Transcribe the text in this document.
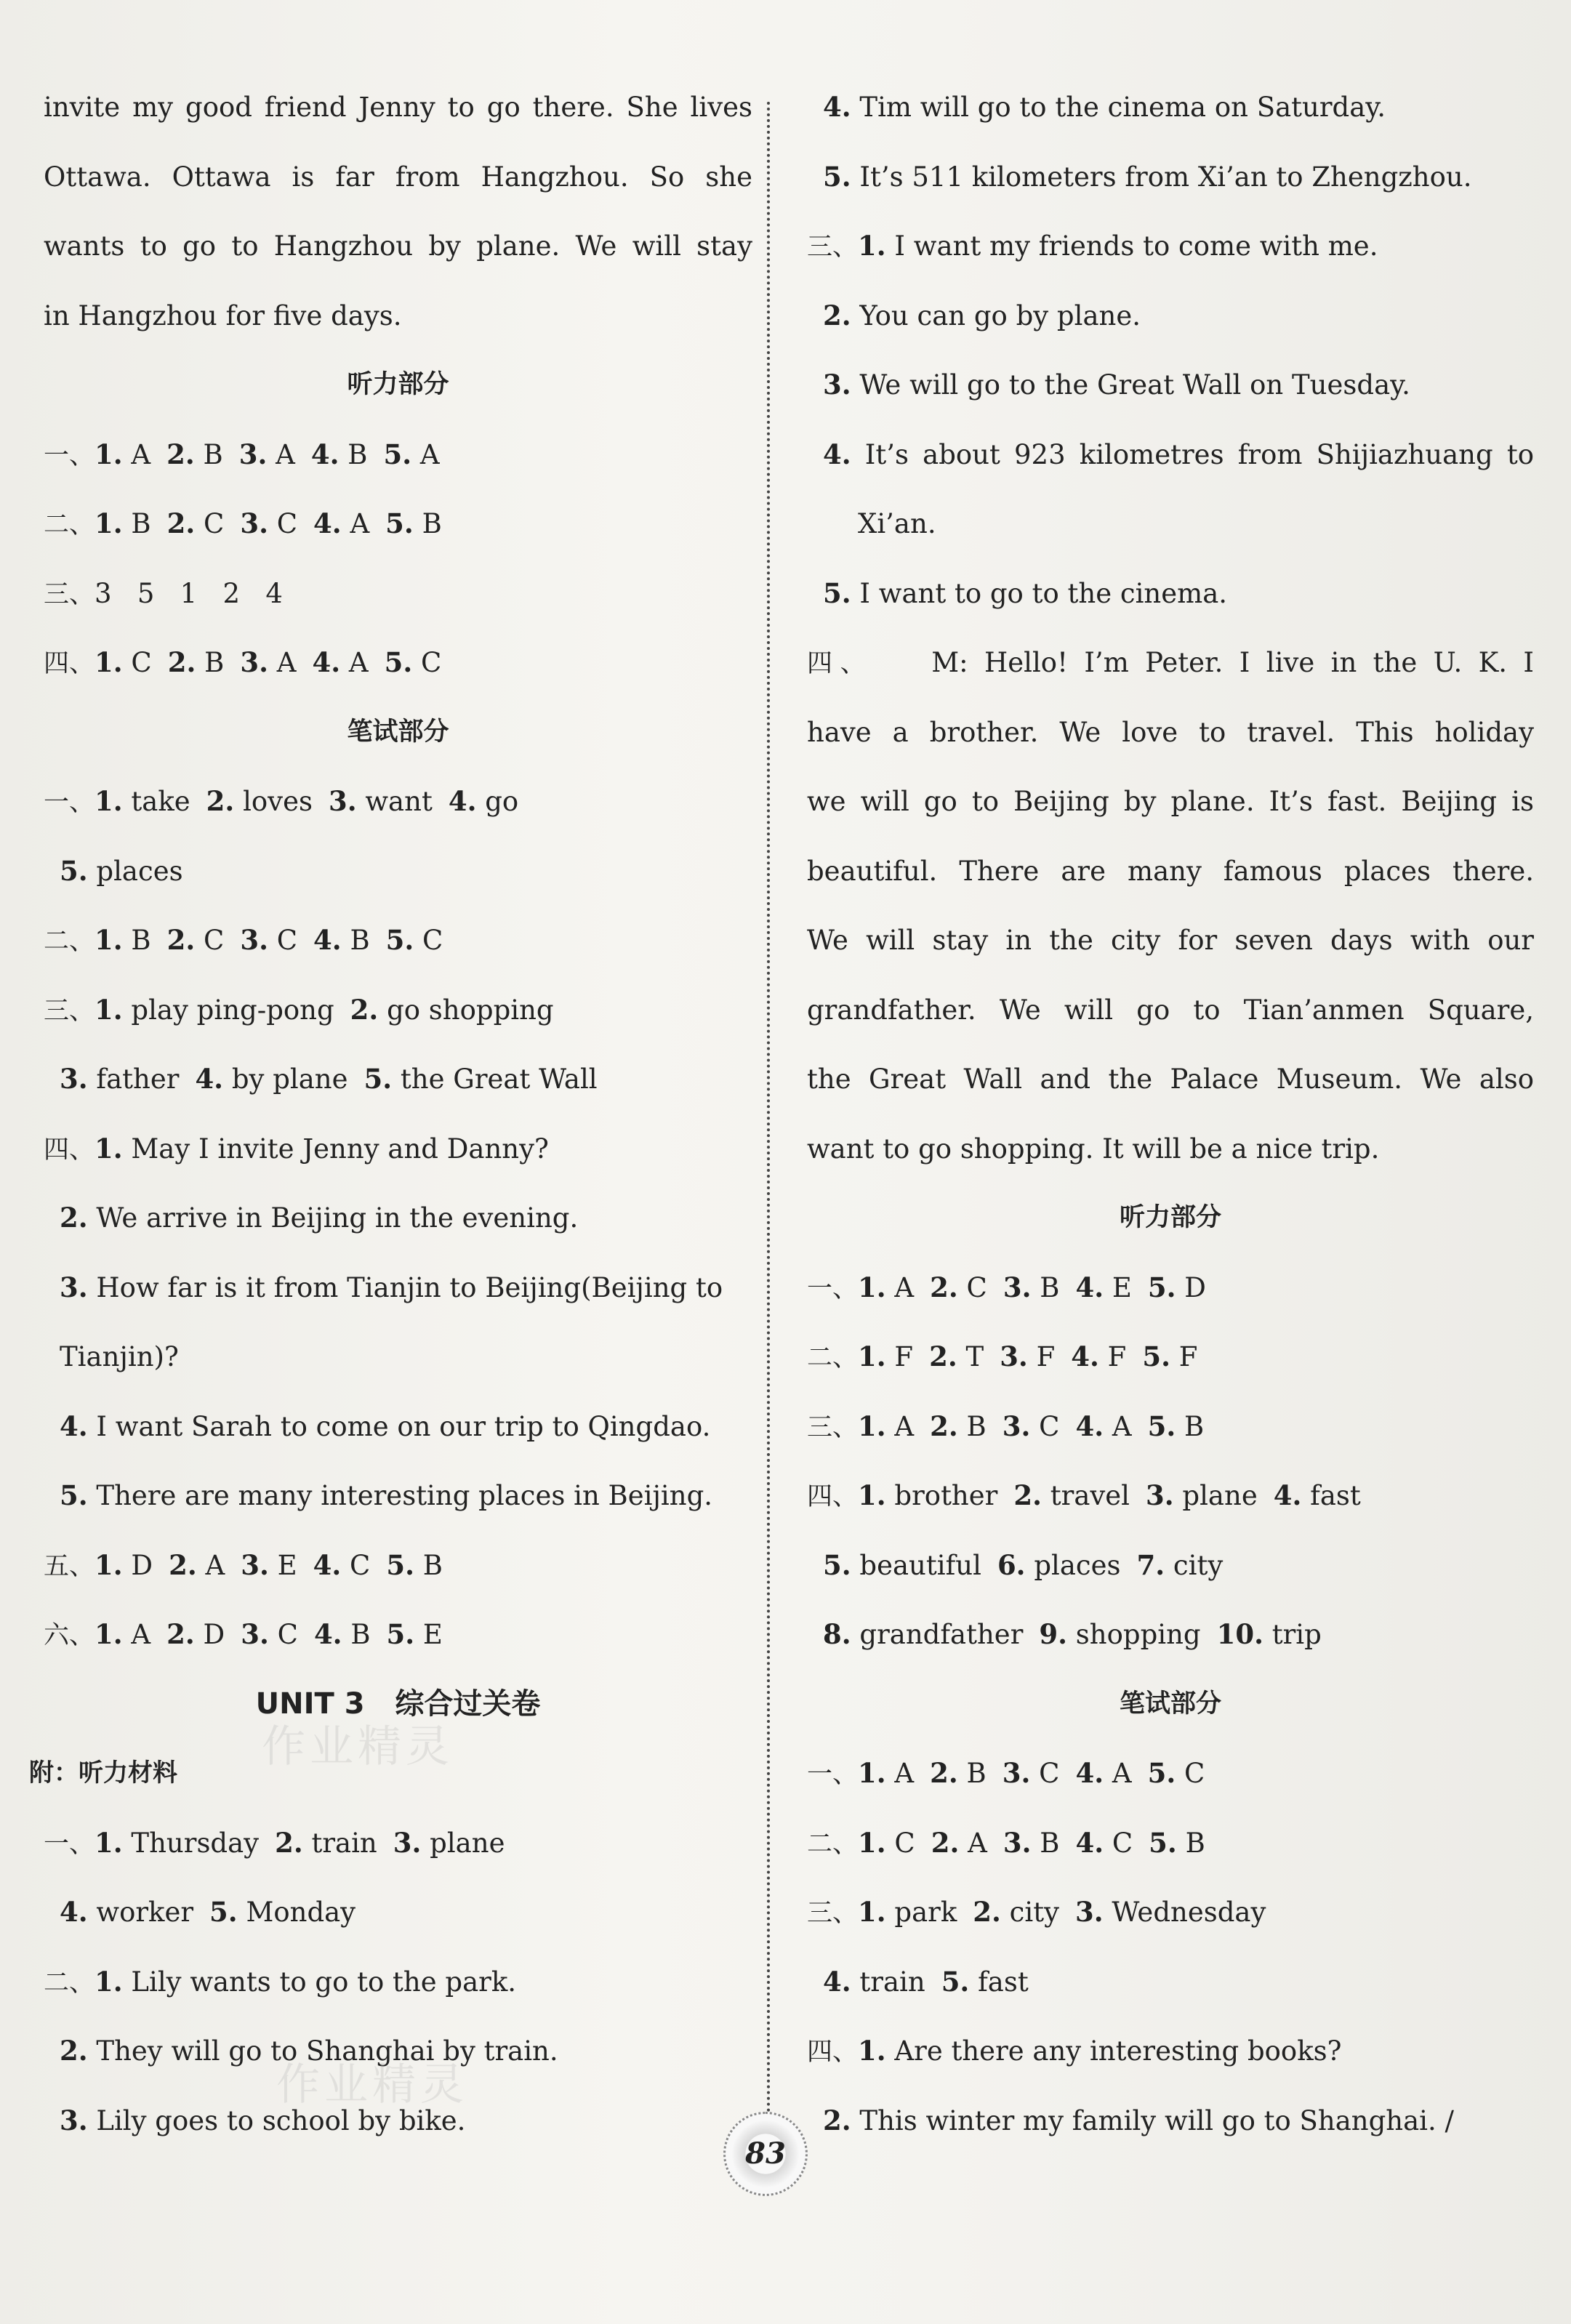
invite my good friend Jenny to go there. She lives
Ottawa. Ottawa is far from Hangzhou. So she
wants to go to Hangzhou by plane. We will stay
in Hangzhou for five days.
听力部分
一、1. A 2. B 3. A 4. B 5. A
二、1. B 2. C 3. C 4. A 5. B
三、3   5   1   2   4
四、1. C 2. B 3. A 4. A 5. C
笔试部分
一、1. take 2. loves 3. want 4. go
5. places
二、1. B 2. C 3. C 4. B 5. C
三、1. play ping-pong 2. go shopping
3. father 4. by plane 5. the Great Wall
四、1. May I invite Jenny and Danny?
2. We arrive in Beijing in the evening.
3. How far is it from Tianjin to Beijing(Beijing to
Tianjin)?
4. I want Sarah to come on our trip to Qingdao.
5. There are many interesting places in Beijing.
五、1. D 2. A 3. E 4. C 5. B
六、1. A 2. D 3. C 4. B 5. E
UNIT 3   综合过关卷
附：听力材料
一、1. Thursday 2. train 3. plane
4. worker 5. Monday
二、1. Lily wants to go to the park.
2. They will go to Shanghai by train.
3. Lily goes to school by bike.
4. Tim will go to the cinema on Saturday.
5. It’s 511 kilometers from Xi’an to Zhengzhou.
三、1. I want my friends to come with me.
2. You can go by plane.
3. We will go to the Great Wall on Tuesday.
4. It’s about 923 kilometres from Shijiazhuang to
Xi’an.
5. I want to go to the cinema.
四、 M: Hello! I’m Peter. I live in the U. K. I
have a brother. We love to travel. This holiday
we will go to Beijing by plane. It’s fast. Beijing is
beautiful. There are many famous places there.
We will stay in the city for seven days with our
grandfather. We will go to Tian’anmen Square,
the Great Wall and the Palace Museum. We also
want to go shopping. It will be a nice trip.
听力部分
一、1. A 2. C 3. B 4. E 5. D
二、1. F 2. T 3. F 4. F 5. F
三、1. A 2. B 3. C 4. A 5. B
四、1. brother 2. travel 3. plane 4. fast
5. beautiful 6. places 7. city
8. grandfather 9. shopping 10. trip
笔试部分
一、1. A 2. B 3. C 4. A 5. C
二、1. C 2. A 3. B 4. C 5. B
三、1. park 2. city 3. Wednesday
4. train 5. fast
四、1. Are there any interesting books?
2. This winter my family will go to Shanghai. /
作业精灵
作业精灵
83
